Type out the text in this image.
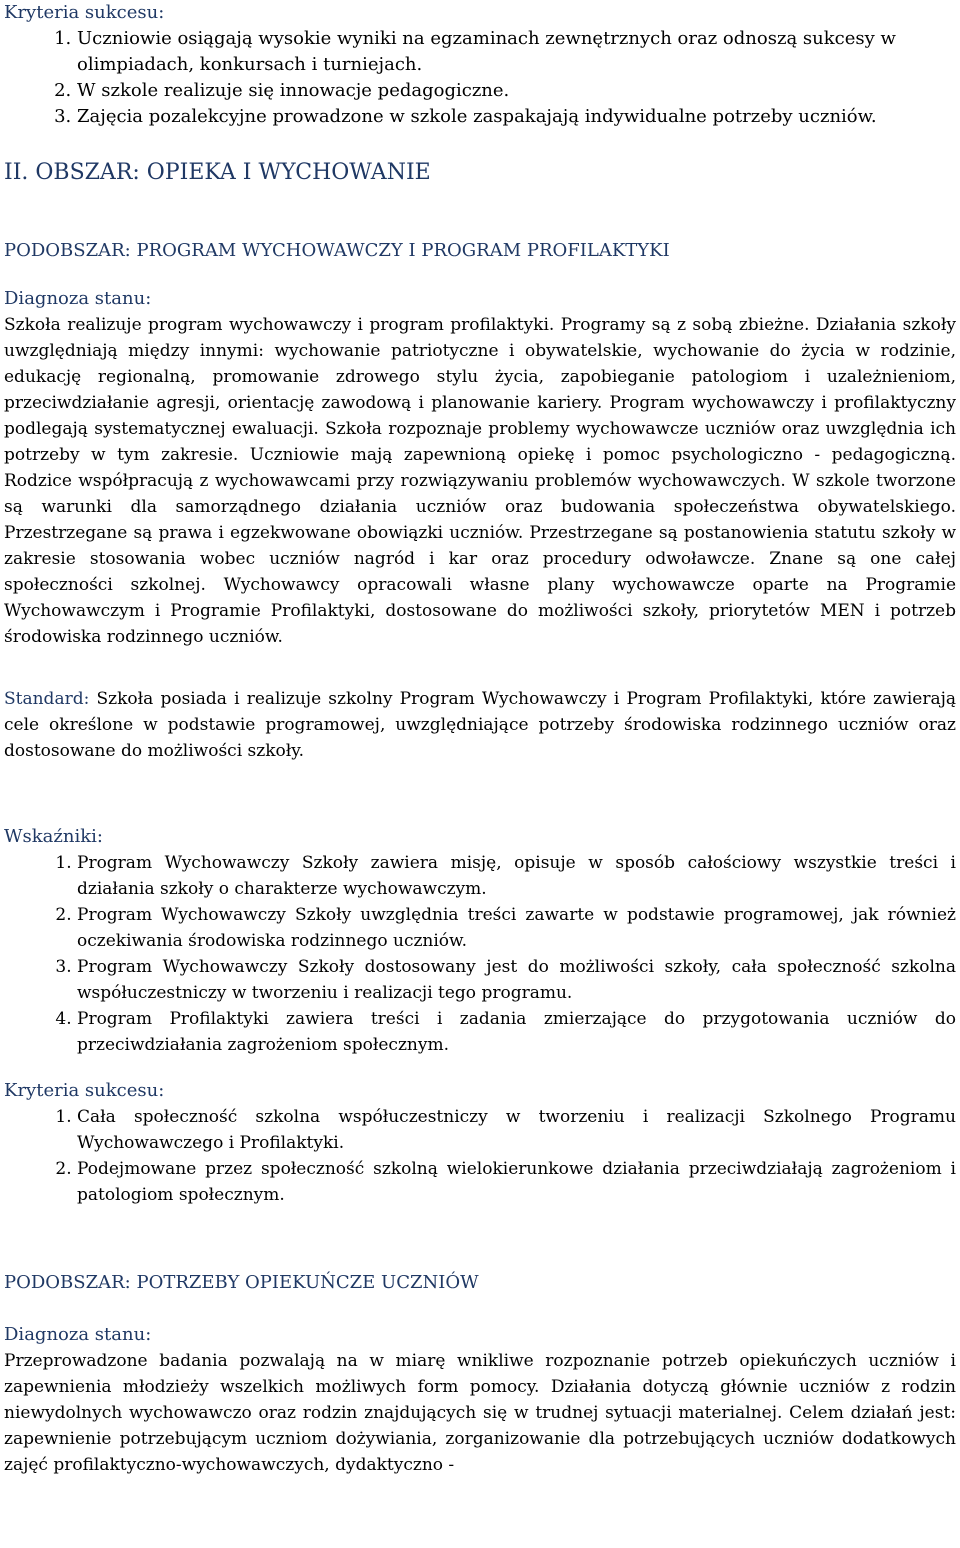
Kryteria sukcesu:

1. Uczniowie osiągają wysokie wyniki na egzaminach zewnętrznych oraz odnoszą sukcesy w olimpiadach, konkursach i turniejach.
2. W szkole realizuje się innowacje pedagogiczne.
3. Zajęcia pozalekcyjne prowadzone w szkole zaspakajają indywidualne potrzeby uczniów.
II. OBSZAR: OPIEKA I WYCHOWANIE
PODOBSZAR: PROGRAM WYCHOWAWCZY I PROGRAM PROFILAKTYKI

Diagnoza stanu:

Szkoła realizuje program wychowawczy i program profilaktyki. Programy są z sobą zbieżne. Działania szkoły uwzględniają między innymi: wychowanie patriotyczne i obywatelskie, wychowanie do życia w rodzinie, edukację regionalną, promowanie zdrowego stylu życia, zapobieganie patologiom i uzależnieniom, przeciwdziałanie agresji, orientację zawodową i planowanie kariery. Program wychowawczy i profilaktyczny podlegają systematycznej ewaluacji. Szkoła rozpoznaje problemy wychowawcze uczniów oraz uwzględnia ich potrzeby w tym zakresie. Uczniowie mają zapewnioną opiekę i pomoc psychologiczno - pedagogiczną. Rodzice współpracują z wychowawcami przy rozwiązywaniu problemów wychowawczych. W szkole tworzone są warunki dla samorządnego działania uczniów oraz budowania społeczeństwa obywatelskiego. Przestrzegane są prawa i egzekwowane obowiązki uczniów. Przestrzegane są postanowienia statutu szkoły w zakresie stosowania wobec uczniów nagród i kar oraz procedury odwoławcze. Znane są one całej społeczności szkolnej. Wychowawcy opracowali własne plany wychowawcze oparte na Programie Wychowawczym i Programie Profilaktyki, dostosowane do możliwości szkoły, priorytetów MEN i potrzeb środowiska rodzinnego uczniów.

Standard: Szkoła posiada i realizuje szkolny Program Wychowawczy i Program Profilaktyki, które zawierają cele określone w podstawie programowej, uwzględniające potrzeby środowiska rodzinnego uczniów oraz dostosowane do możliwości szkoły.

Wskaźniki:

1. Program Wychowawczy Szkoły zawiera misję, opisuje w sposób całościowy wszystkie treści i działania szkoły o charakterze wychowawczym.
2. Program Wychowawczy Szkoły uwzględnia treści zawarte w podstawie programowej, jak również oczekiwania środowiska rodzinnego uczniów.
3. Program Wychowawczy Szkoły dostosowany jest do możliwości szkoły, cała społeczność szkolna współuczestniczy w tworzeniu i realizacji tego programu.
4. Program Profilaktyki zawiera treści i zadania zmierzające do przygotowania uczniów do przeciwdziałania zagrożeniom społecznym.

Kryteria sukcesu:

1. Cała społeczność szkolna współuczestniczy w tworzeniu i realizacji Szkolnego Programu Wychowawczego i Profilaktyki.
2. Podejmowane przez społeczność szkolną wielokierunkowe działania przeciwdziałają zagrożeniom i patologiom społecznym.
PODOBSZAR: POTRZEBY OPIEKUŃCZE UCZNIÓW

Diagnoza stanu:

Przeprowadzone badania pozwalają na w miarę wnikliwe rozpoznanie potrzeb opiekuńczych uczniów i zapewnienia młodzieży wszelkich możliwych form pomocy. Działania dotyczą głównie uczniów z rodzin niewydolnych wychowawczo oraz rodzin znajdujących się w trudnej sytuacji materialnej. Celem działań jest: zapewnienie potrzebującym uczniom dożywiania, zorganizowanie dla potrzebujących uczniów dodatkowych zajęć profilaktyczno-wychowawczych, dydaktyczno -
